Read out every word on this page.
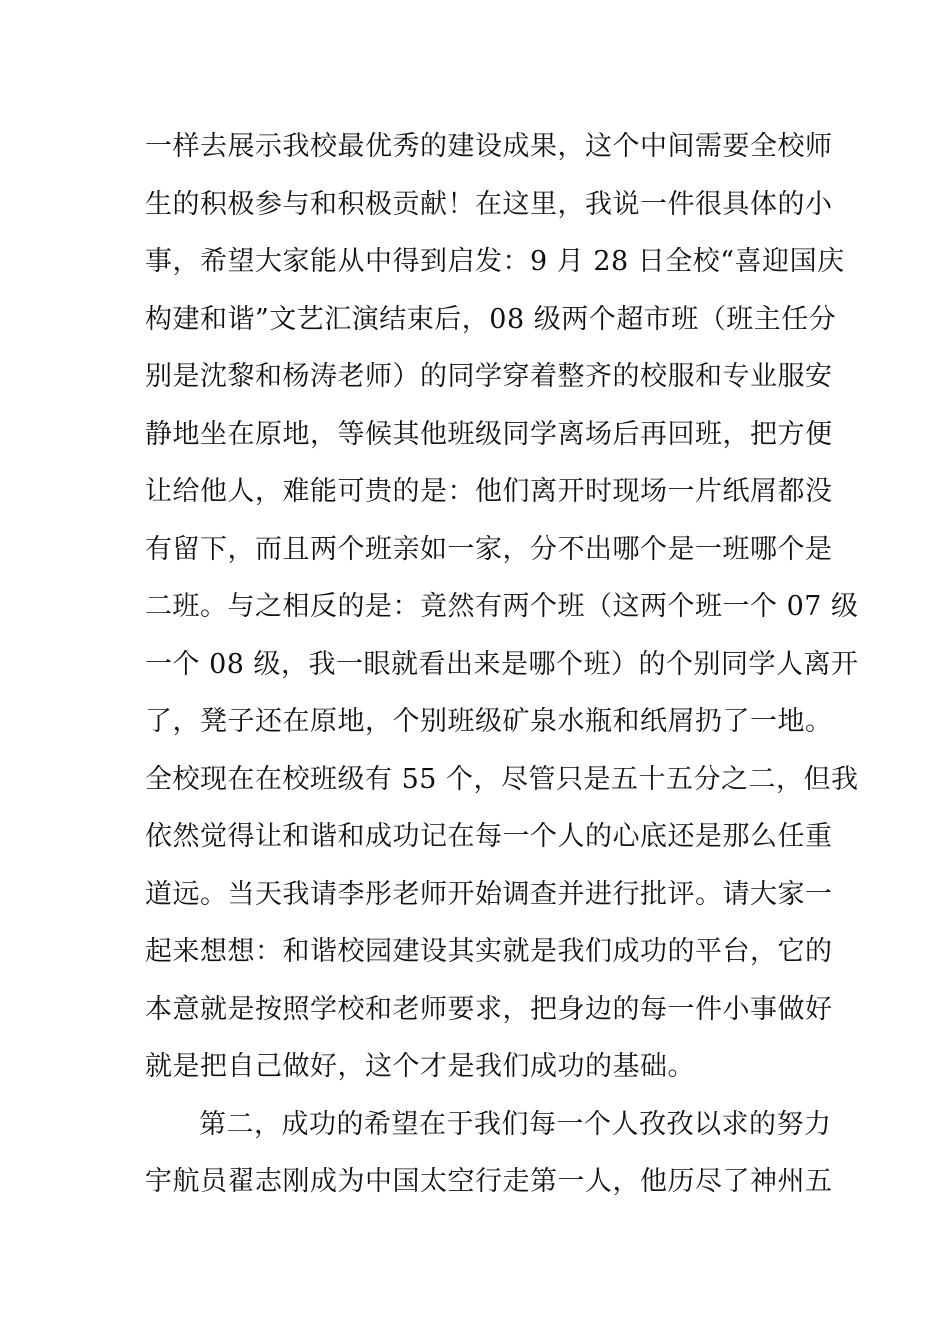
一样去展示我校最优秀的建设成果，这个中间需要全校师
生的积极参与和积极贡献！在这里，我说一件很具体的小
事，希望大家能从中得到启发：9 月 28 日全校“喜迎国庆
构建和谐”文艺汇演结束后，08 级两个超市班（班主任分
别是沈黎和杨涛老师）的同学穿着整齐的校服和专业服安
静地坐在原地，等候其他班级同学离场后再回班，把方便
让给他人，难能可贵的是：他们离开时现场一片纸屑都没
有留下，而且两个班亲如一家，分不出哪个是一班哪个是
二班。与之相反的是：竟然有两个班（这两个班一个 07 级
一个 08 级，我一眼就看出来是哪个班）的个别同学人离开
了，凳子还在原地，个别班级矿泉水瓶和纸屑扔了一地。
全校现在在校班级有 55 个，尽管只是五十五分之二，但我
依然觉得让和谐和成功记在每一个人的心底还是那么任重
道远。当天我请李彤老师开始调查并进行批评。请大家一
起来想想：和谐校园建设其实就是我们成功的平台，它的
本意就是按照学校和老师要求，把身边的每一件小事做好
就是把自己做好，这个才是我们成功的基础。
第二，成功的希望在于我们每一个人孜孜以求的努力
宇航员翟志刚成为中国太空行走第一人，他历尽了神州五
